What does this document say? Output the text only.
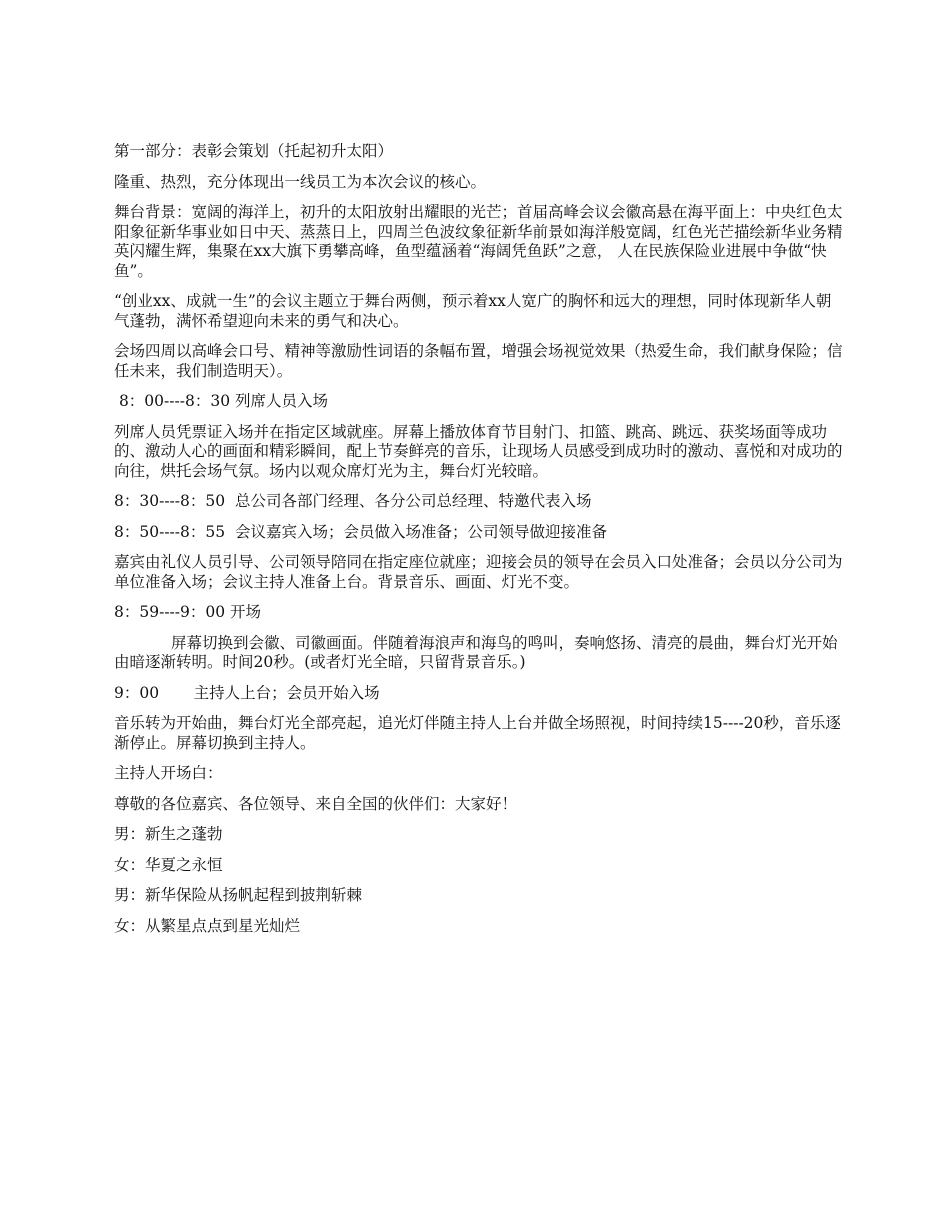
第一部分：表彰会策划（托起初升太阳）

隆重、热烈，充分体现出一线员工为本次会议的核心。

舞台背景：宽阔的海洋上，初升的太阳放射出耀眼的光芒；首届高峰会议会徽高悬在海平面上：中央红色太阳象征新华事业如日中天、蒸蒸日上，四周兰色波纹象征新华前景如海洋般宽阔，红色光芒描绘新华业务精英闪耀生辉，集聚在xx大旗下勇攀高峰，鱼型蕴涵着“海阔凭鱼跃”之意， 人在民族保险业进展中争做“快鱼”。

“创业xx、成就一生”的会议主题立于舞台两侧，预示着xx人宽广的胸怀和远大的理想，同时体现新华人朝气蓬勃，满怀希望迎向未来的勇气和决心。

会场四周以高峰会口号、精神等激励性词语的条幅布置，增强会场视觉效果（热爱生命，我们献身保险；信任未来，我们制造明天）。

8：00----8：30 列席人员入场

列席人员凭票证入场并在指定区域就座。屏幕上播放体育节目射门、扣篮、跳高、跳远、获奖场面等成功的、激动人心的画面和精彩瞬间，配上节奏鲜亮的音乐，让现场人员感受到成功时的激动、喜悦和对成功的向往，烘托会场气氛。场内以观众席灯光为主，舞台灯光较暗。

8：30----8：50  总公司各部门经理、各分公司总经理、特邀代表入场

8：50----8：55  会议嘉宾入场；会员做入场准备；公司领导做迎接准备

嘉宾由礼仪人员引导、公司领导陪同在指定座位就座；迎接会员的领导在会员入口处准备；会员以分公司为单位准备入场；会议主持人准备上台。背景音乐、画面、灯光不变。

8：59----9：00 开场

屏幕切换到会徽、司徽画面。伴随着海浪声和海鸟的鸣叫，奏响悠扬、清亮的晨曲，舞台灯光开始由暗逐渐转明。时间20秒。(或者灯光全暗，只留背景音乐。)

9：00       主持人上台；会员开始入场

音乐转为开始曲，舞台灯光全部亮起，追光灯伴随主持人上台并做全场照视，时间持续15----20秒，音乐逐渐停止。屏幕切换到主持人。

主持人开场白：

尊敬的各位嘉宾、各位领导、来自全国的伙伴们：大家好！

男：新生之蓬勃

女：华夏之永恒

男：新华保险从扬帆起程到披荆斩棘

女：从繁星点点到星光灿烂
